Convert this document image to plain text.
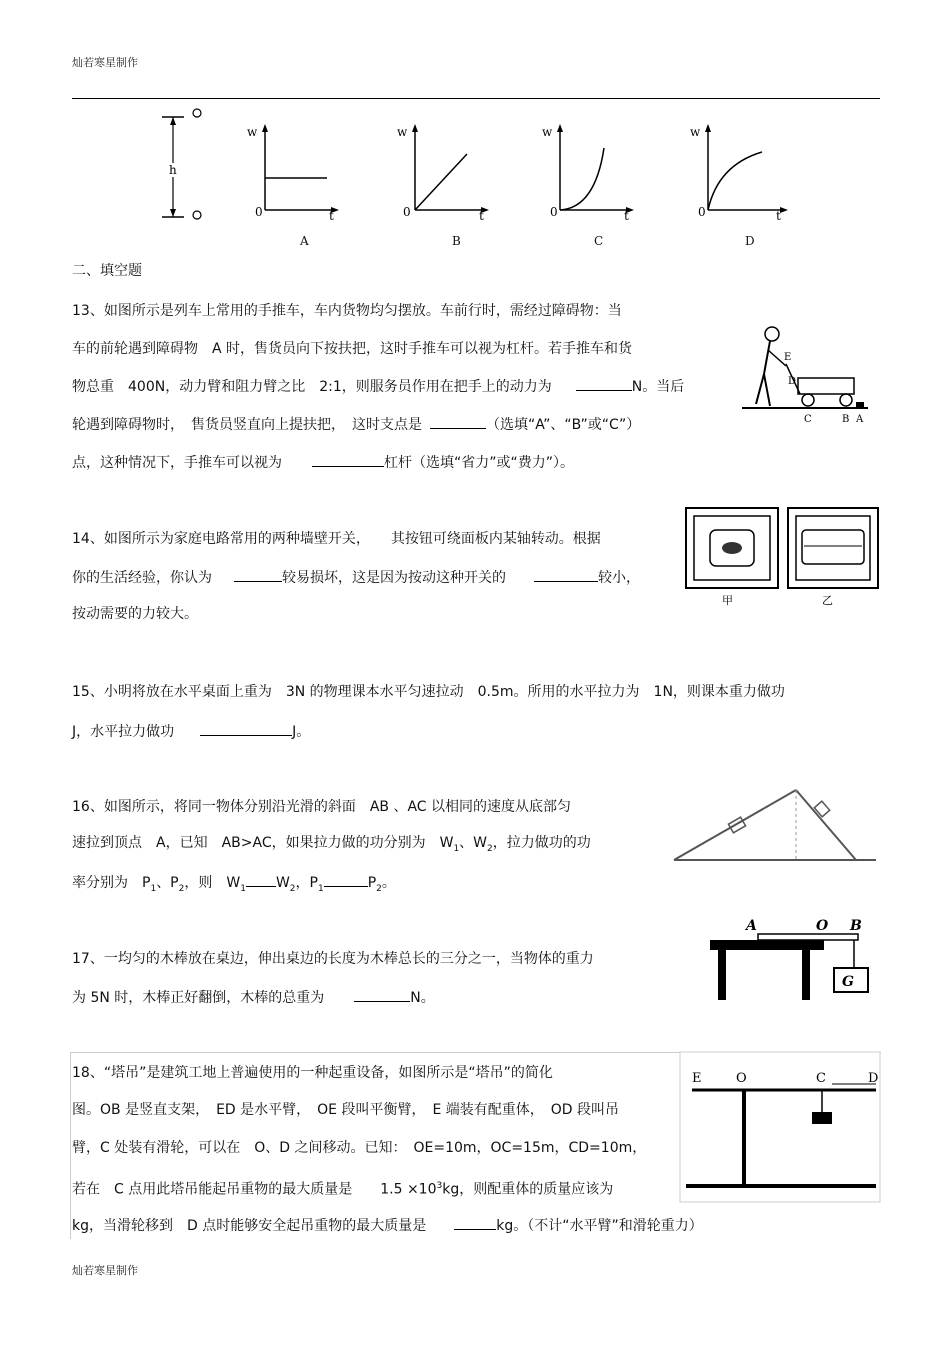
灿若寒星制作
h
w
0	t
A
w
0	t
B
w
0	t
C
w
0	t
D
二、填空题
13、如图所示是列车上常用的手推车，车内货物均匀摆放。车前行时，需经过障碍物：当
车的前轮遇到障碍物　A 时，售货员向下按扶把，这时手推车可以视为杠杆。若手推车和货
物总重　400N，动力臂和阻力臂之比　2:1，则服务员作用在把手上的动力为	N。当后
轮遇到障碍物时，　售货员竖直向上提扶把，　这时支点是	（选填“A”、“B”或“C”）
点，这种情况下，手推车可以视为	杠杆（选填“省力”或“费力”）。
E
D
C	B A
14、如图所示为家庭电路常用的两种墙壁开关，　　其按钮可绕面板内某轴转动。根据
你的生活经验，你认为	较易损坏，这是因为按动这种开关的	较小，
按动需要的力较大。
甲	乙
15、小明将放在水平桌面上重为　3N 的物理课本水平匀速拉动　0.5m。所用的水平拉力为　1N，则课本重力做功
J，水平拉力做功	J。
16、如图所示，将同一物体分别沿光滑的斜面　AB 、AC 以相同的速度从底部匀
速拉到顶点　A，已知　AB>AC，如果拉力做的功分别为　$W_1$、$W_2$，拉力做功的功
率分别为　$P_1$、$P_2$，则　$W_1$ $W_2$，$P_1$	$P_2$。
17、一均匀的木棒放在桌边，伸出桌边的长度为木棒总长的三分之一，当物体的重力
为 5N 时，木棒正好翻倒，木棒的总重为	N。
A	O B
G
18、“塔吊”是建筑工地上普遍使用的一种起重设备，如图所示是“塔吊”的简化
图。OB 是竖直支架，　ED 是水平臂，　OE 段叫平衡臂，　E 端装有配重体，　OD 段叫吊
臂，C 处装有滑轮，可以在　O、D 之间移动。已知：　OE=10m，OC=15m，CD=10m，
若在　C 点用此塔吊能起吊重物的最大质量是　　$1.5 \times 10^3kg$，则配重体的质量应该为
kg，当滑轮移到　D 点时能够安全起吊重物的最大质量是	kg。（不计“水平臂”和滑轮重力）
E	O	C	D
灿若寒星制作
